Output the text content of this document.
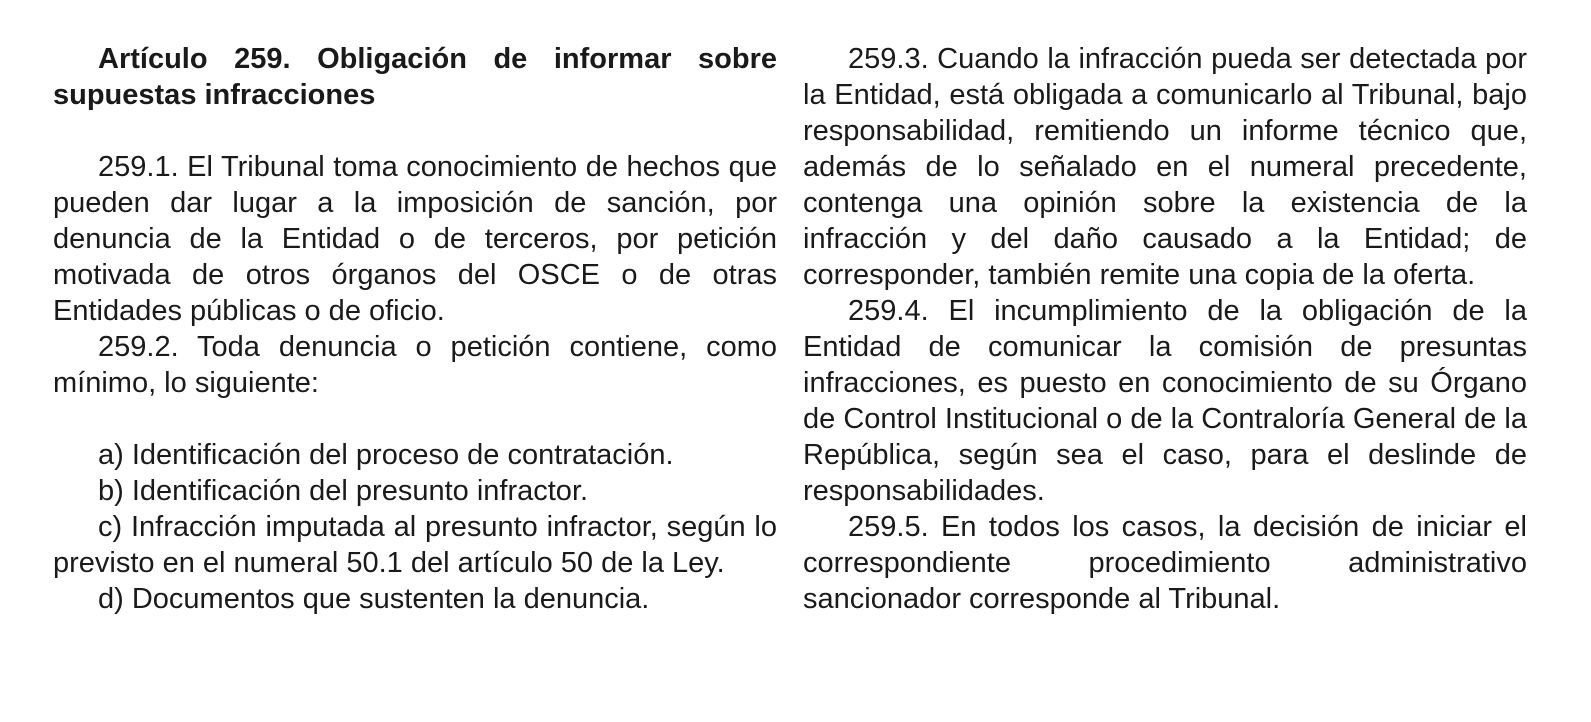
Artículo 259. Obligación de informar sobre supuestas infracciones

259.1. El Tribunal toma conocimiento de hechos que pueden dar lugar a la imposición de sanción, por denuncia de la Entidad o de terceros, por petición motivada de otros órganos del OSCE o de otras Entidades públicas o de oficio.

259.2. Toda denuncia o petición contiene, como mínimo, lo siguiente:

a) Identificación del proceso de contratación.

b) Identificación del presunto infractor.

c) Infracción imputada al presunto infractor, según lo previsto en el numeral 50.1 del artículo 50 de la Ley.

d) Documentos que sustenten la denuncia.

259.3. Cuando la infracción pueda ser detectada por la Entidad, está obligada a comunicarlo al Tribunal, bajo responsabilidad, remitiendo un informe técnico que, además de lo señalado en el numeral precedente, contenga una opinión sobre la existencia de la infracción y del daño causado a la Entidad; de corresponder, también remite una copia de la oferta.

259.4. El incumplimiento de la obligación de la Entidad de comunicar la comisión de presuntas infracciones, es puesto en conocimiento de su Órgano de Control Institucional o de la Contraloría General de la República, según sea el caso, para el deslinde de responsabilidades.

259.5. En todos los casos, la decisión de iniciar el correspondiente procedimiento administrativo sancionador corresponde al Tribunal.
